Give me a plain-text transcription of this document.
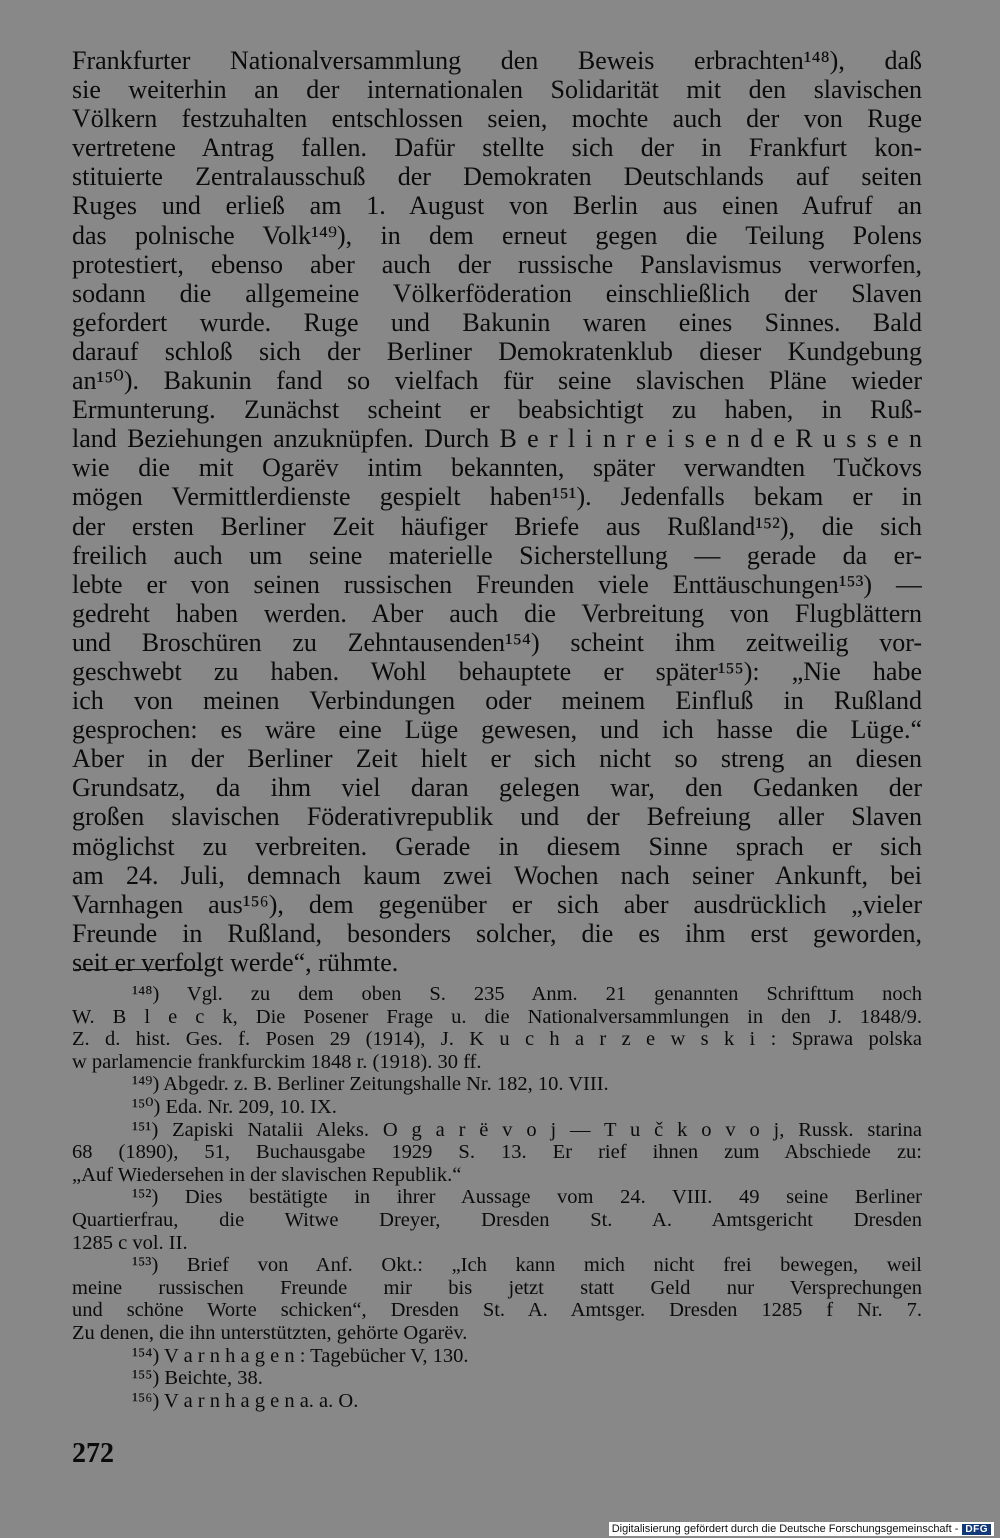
Frankfurter Nationalversammlung den Beweis erbrachten¹⁴⁸), daß
sie weiterhin an der internationalen Solidarität mit den slavischen
Völkern festzuhalten entschlossen seien, mochte auch der von Ruge
vertretene Antrag fallen. Dafür stellte sich der in Frankfurt kon-
stituierte Zentralausschuß der Demokraten Deutschlands auf seiten
Ruges und erließ am 1. August von Berlin aus einen Aufruf an
das polnische Volk¹⁴⁹), in dem erneut gegen die Teilung Polens
protestiert, ebenso aber auch der russische Panslavismus verworfen,
sodann die allgemeine Völkerföderation einschließlich der Slaven
gefordert wurde. Ruge und Bakunin waren eines Sinnes. Bald
darauf schloß sich der Berliner Demokratenklub dieser Kundgebung
an¹⁵⁰). Bakunin fand so vielfach für seine slavischen Pläne wieder
Ermunterung. Zunächst scheint er beabsichtigt zu haben, in Ruß-
land Beziehungen anzuknüpfen. Durch B e r l i n r e i s e n d e R u s s e n
wie die mit Ogarëv intim bekannten, später verwandten Tučkovs
mögen Vermittlerdienste gespielt haben¹⁵¹). Jedenfalls bekam er in
der ersten Berliner Zeit häufiger Briefe aus Rußland¹⁵²), die sich
freilich auch um seine materielle Sicherstellung — gerade da er-
lebte er von seinen russischen Freunden viele Enttäuschungen¹⁵³) —
gedreht haben werden. Aber auch die Verbreitung von Flugblättern
und Broschüren zu Zehntausenden¹⁵⁴) scheint ihm zeitweilig vor-
geschwebt zu haben. Wohl behauptete er später¹⁵⁵): „Nie habe
ich von meinen Verbindungen oder meinem Einfluß in Rußland
gesprochen: es wäre eine Lüge gewesen, und ich hasse die Lüge.“
Aber in der Berliner Zeit hielt er sich nicht so streng an diesen
Grundsatz, da ihm viel daran gelegen war, den Gedanken der
großen slavischen Föderativrepublik und der Befreiung aller Slaven
möglichst zu verbreiten. Gerade in diesem Sinne sprach er sich
am 24. Juli, demnach kaum zwei Wochen nach seiner Ankunft, bei
Varnhagen aus¹⁵⁶), dem gegenüber er sich aber ausdrücklich „vieler
Freunde in Rußland, besonders solcher, die es ihm erst geworden,
seit er verfolgt werde“, rühmte.
¹⁴⁸) Vgl. zu dem oben S. 235 Anm. 21 genannten Schrifttum noch
W. B l e c k, Die Posener Frage u. die Nationalversammlungen in den J. 1848/9.
Z. d. hist. Ges. f. Posen 29 (1914), J. K u c h a r z e w s k i : Sprawa polska
w parlamencie frankfurckim 1848 r. (1918). 30 ff.
¹⁴⁹) Abgedr. z. B. Berliner Zeitungshalle Nr. 182, 10. VIII.
¹⁵⁰) Eda. Nr. 209, 10. IX.
¹⁵¹) Zapiski Natalii Aleks. O g a r ë v o j — T u č k o v o j, Russk. starina
68 (1890), 51, Buchausgabe 1929 S. 13. Er rief ihnen zum Abschiede zu:
„Auf Wiedersehen in der slavischen Republik.“
¹⁵²) Dies bestätigte in ihrer Aussage vom 24. VIII. 49 seine Berliner
Quartierfrau, die Witwe Dreyer, Dresden St. A. Amtsgericht Dresden
1285 c vol. II.
¹⁵³) Brief von Anf. Okt.: „Ich kann mich nicht frei bewegen, weil
meine russischen Freunde mir bis jetzt statt Geld nur Versprechungen
und schöne Worte schicken“, Dresden St. A. Amtsger. Dresden 1285 f Nr. 7.
Zu denen, die ihn unterstützten, gehörte Ogarëv.
¹⁵⁴) V a r n h a g e n : Tagebücher V, 130.
¹⁵⁵) Beichte, 38.
¹⁵⁶) V a r n h a g e n a. a. O.
272
Digitalisierung gefördert durch die Deutsche Forschungsgemeinschaft - DFG
